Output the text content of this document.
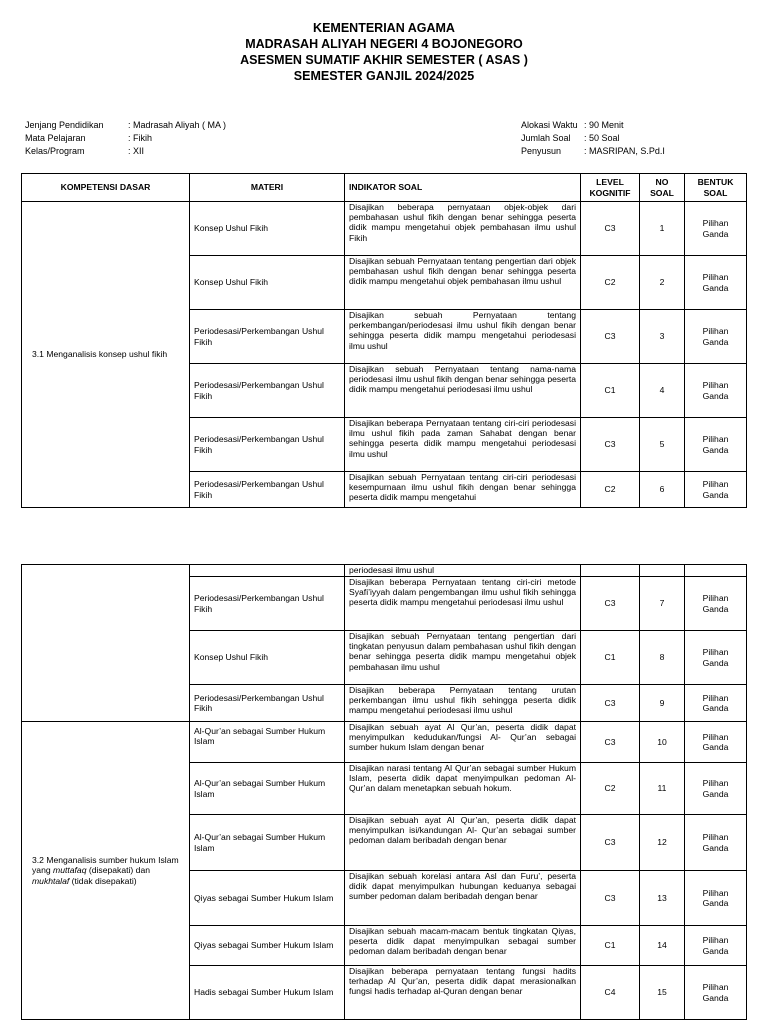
KEMENTERIAN AGAMA
MADRASAH ALIYAH NEGERI 4 BOJONEGORO
ASESMEN SUMATIF AKHIR SEMESTER ( ASAS )
SEMESTER GANJIL 2024/2025
Jenjang Pendidikan	: Madrasah Aliyah ( MA )
Mata Pelajaran	: Fikih
Kelas/Program	: XII
Alokasi Waktu : 90 Menit
Jumlah Soal	: 50 Soal
Penyusun	: MASRIPAN, S.Pd.I
KOMPETENSI DASAR	MATERI	INDIKATOR SOAL	LEVEL KOGNITIF	NO SOAL	BENTUK SOAL
3.1 Menganalisis konsep ushul fikih	Konsep Ushul Fikih	Disajikan beberapa pernyataan objek-objek dari pembahasan ushul fikih dengan benar sehingga peserta didik mampu mengetahui objek pembahasan ilmu ushul Fikih	C3	1	Pilihan Ganda
	Konsep Ushul Fikih	Disajikan sebuah Pernyataan tentang pengertian dari objek pembahasan ushul fikih dengan benar sehingga peserta didik mampu mengetahui objek pembahasan ilmu ushul	C2	2	Pilihan Ganda
	Periodesasi/Perkembangan Ushul Fikih	Disajikan sebuah Pernyataan tentang perkembangan/periodesasi ilmu ushul fikih dengan benar sehingga peserta didik mampu mengetahui periodesasi ilmu ushul	C3	3	Pilihan Ganda
	Periodesasi/Perkembangan Ushul Fikih	Disajikan sebuah Pernyataan tentang nama-nama periodesasi ilmu ushul fikih dengan benar sehingga peserta didik mampu mengetahui periodesasi ilmu ushul	C1	4	Pilihan Ganda
	Periodesasi/Perkembangan Ushul Fikih	Disajikan beberapa Pernyataan tentang ciri-ciri periodesasi ilmu ushul fikih pada zaman Sahabat dengan benar sehingga peserta didik mampu mengetahui periodesasi ilmu ushul	C3	5	Pilihan Ganda
	Periodesasi/Perkembangan Ushul Fikih	Disajikan sebuah Pernyataan tentang ciri-ciri periodesasi kesempurnaan ilmu ushul fikih dengan benar sehingga peserta didik mampu mengetahui	C2	6	Pilihan Ganda
		periodesasi ilmu ushul			
	Periodesasi/Perkembangan Ushul Fikih	Disajikan beberapa Pernyataan tentang ciri-ciri metode Syafi’iyyah dalam pengembangan ilmu ushul fikih sehingga peserta didik mampu mengetahui periodesasi ilmu ushul	C3	7	Pilihan Ganda
	Konsep Ushul Fikih	Disajikan sebuah Pernyataan tentang pengertian dari tingkatan penyusun dalam pembahasan ushul fikih dengan benar sehingga peserta didik mampu mengetahui objek pembahasan ilmu ushul	C1	8	Pilihan Ganda
	Periodesasi/Perkembangan Ushul Fikih	Disajikan beberapa Pernyataan tentang urutan perkembangan ilmu ushul fikih sehingga peserta didik mampu mengetahui periodesasi ilmu ushul	C3	9	Pilihan Ganda
3.2 Menganalisis sumber hukum Islam yang muttafaq (disepakati) dan mukhtalaf (tidak disepakati)	Al-Qur’an sebagai Sumber Hukum Islam	Disajikan sebuah ayat Al Qur’an, peserta didik dapat menyimpulkan kedudukan/fungsi Al- Qur’an sebagai sumber hukum Islam dengan benar	C3	10	Pilihan Ganda
	Al-Qur’an sebagai Sumber Hukum Islam	Disajikan narasi tentang Al Qur’an sebagai sumber Hukum Islam, peserta didik dapat menyimpulkan pedoman Al- Qur’an dalam menetapkan sebuah hokum.	C2	11	Pilihan Ganda
	Al-Qur’an sebagai Sumber Hukum Islam	Disajikan sebuah ayat Al Qur’an, peserta didik dapat menyimpulkan isi/kandungan Al- Qur’an sebagai sumber pedoman dalam beribadah dengan benar	C3	12	Pilihan Ganda
	Qiyas sebagai Sumber Hukum Islam	Disajikan sebuah korelasi antara Asl dan Furu’, peserta didik dapat menyimpulkan hubungan keduanya sebagai sumber pedoman dalam beribadah dengan benar	C3	13	Pilihan Ganda
	Qiyas sebagai Sumber Hukum Islam	Disajikan sebuah macam-macam bentuk tingkatan Qiyas, peserta didik dapat menyimpulkan sebagai sumber pedoman dalam beribadah dengan benar	C1	14	Pilihan Ganda
	Hadis sebagai Sumber Hukum Islam	Disajikan beberapa pernyataan tentang fungsi hadits terhadap Al Qur’an, peserta didik dapat merasionalkan fungsi hadis terhadap al-Quran dengan benar	C4	15	Pilihan Ganda
